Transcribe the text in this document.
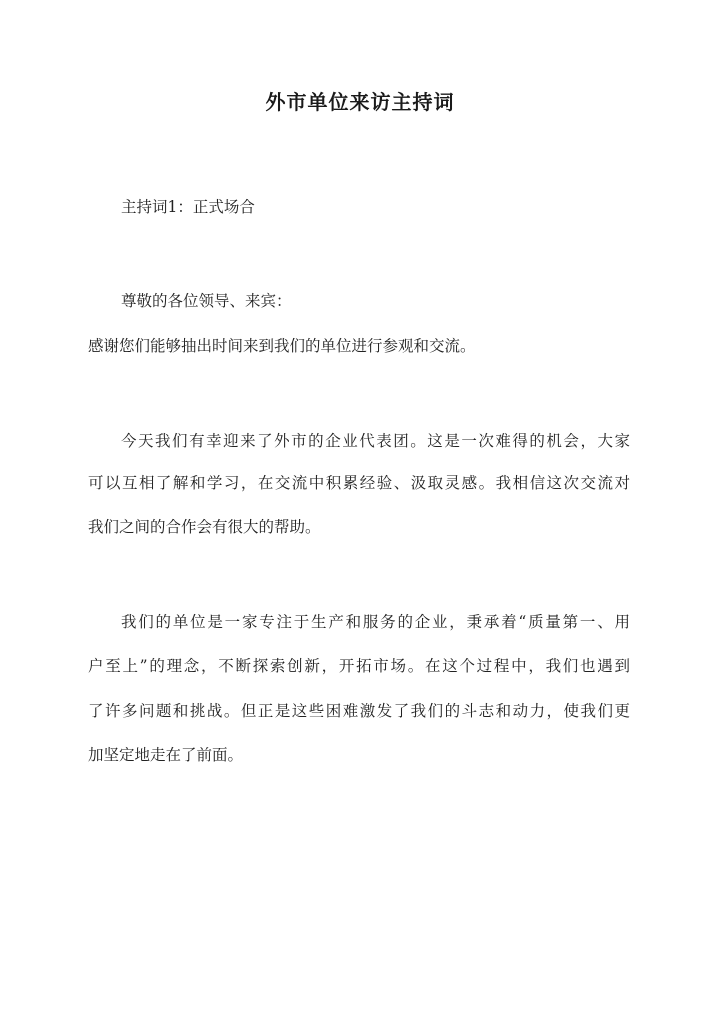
外市单位来访主持词

主持词1：正式场合

尊敬的各位领导、来宾：

感谢您们能够抽出时间来到我们的单位进行参观和交流。

今天我们有幸迎来了外市的企业代表团。这是一次难得的机会，大家

可以互相了解和学习，在交流中积累经验、汲取灵感。我相信这次交流对

我们之间的合作会有很大的帮助。

我们的单位是一家专注于生产和服务的企业，秉承着“质量第一、用

户至上”的理念，不断探索创新，开拓市场。在这个过程中，我们也遇到

了许多问题和挑战。但正是这些困难激发了我们的斗志和动力，使我们更

加坚定地走在了前面。
